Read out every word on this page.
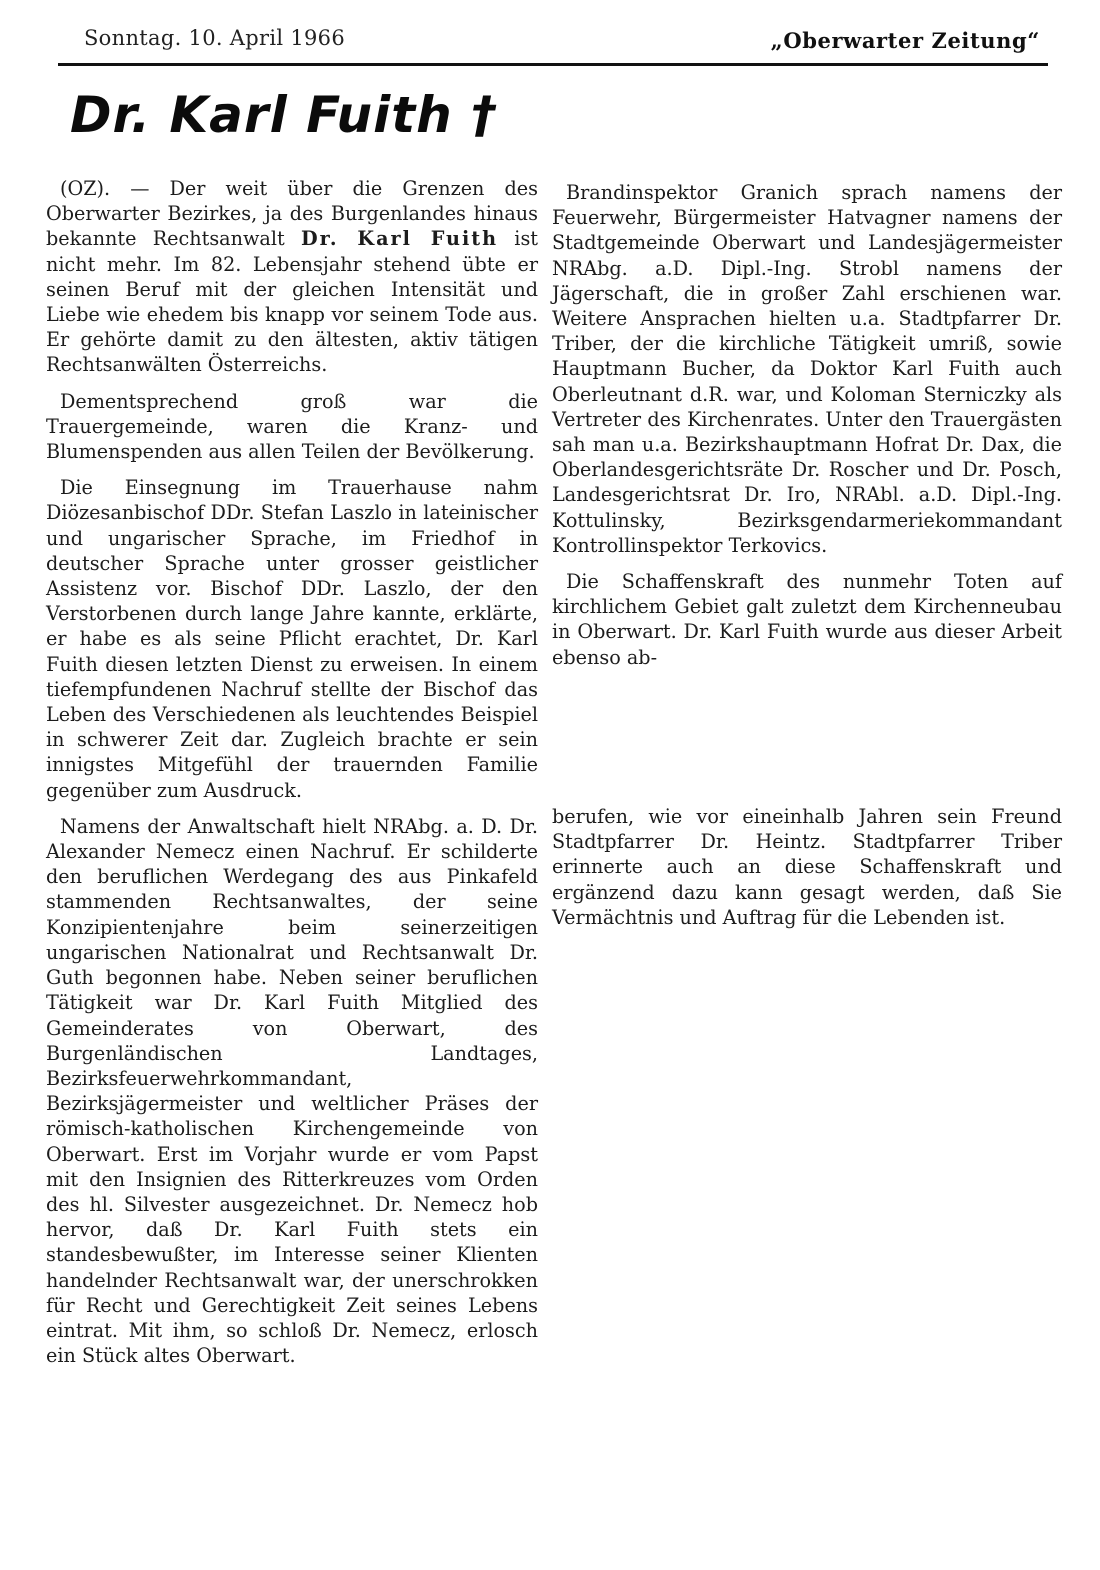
Sonntag. 10. April 1966	„Oberwarter Zeitung“
Dr. Karl Fuith †

(OZ). — Der weit über die Grenzen des Oberwarter Bezirkes, ja des Burgenlandes hinaus bekannte Rechtsanwalt Dr. Karl Fuith ist nicht mehr. Im 82. Lebensjahr stehend übte er seinen Beruf mit der gleichen Intensität und Liebe wie ehedem bis knapp vor seinem Tode aus. Er gehörte damit zu den ältesten, aktiv tätigen Rechtsanwälten Österreichs.

Dementsprechend groß war die Trauergemeinde, waren die Kranz- und Blumenspenden aus allen Teilen der Bevölkerung.

Die Einsegnung im Trauerhause nahm Diözesanbischof DDr. Stefan Laszlo in lateinischer und ungarischer Sprache, im Friedhof in deutscher Sprache unter grosser geistlicher Assistenz vor. Bischof DDr. Laszlo, der den Verstorbenen durch lange Jahre kannte, erklärte, er habe es als seine Pflicht erachtet, Dr. Karl Fuith diesen letzten Dienst zu erweisen. In einem tiefempfundenen Nachruf stellte der Bischof das Leben des Verschiedenen als leuchtendes Beispiel in schwerer Zeit dar. Zugleich brachte er sein innigstes Mitgefühl der trauernden Familie gegenüber zum Ausdruck.

Namens der Anwaltschaft hielt NRAbg. a. D. Dr. Alexander Nemecz einen Nachruf. Er schilderte den beruflichen Werdegang des aus Pinkafeld stammenden Rechtsanwaltes, der seine Konzipientenjahre beim seinerzeitigen ungarischen Nationalrat und Rechtsanwalt Dr. Guth begonnen habe. Neben seiner beruflichen Tätigkeit war Dr. Karl Fuith Mitglied des Gemeinderates von Oberwart, des Burgenländischen Landtages, Bezirksfeuerwehrkommandant, Bezirksjägermeister und weltlicher Präses der römisch-katholischen Kirchengemeinde von Oberwart. Erst im Vorjahr wurde er vom Papst mit den Insignien des Ritterkreuzes vom Orden des hl. Silvester ausgezeichnet. Dr. Nemecz hob hervor, daß Dr. Karl Fuith stets ein standesbewußter, im Interesse seiner Klienten handelnder Rechtsanwalt war, der unerschrokken für Recht und Gerechtigkeit Zeit seines Lebens eintrat. Mit ihm, so schloß Dr. Nemecz, erlosch ein Stück altes Oberwart.

Brandinspektor Granich sprach namens der Feuerwehr, Bürgermeister Hatvagner namens der Stadtgemeinde Oberwart und Landesjägermeister NRAbg. a.D. Dipl.-Ing. Strobl namens der Jägerschaft, die in großer Zahl erschienen war. Weitere Ansprachen hielten u.a. Stadtpfarrer Dr. Triber, der die kirchliche Tätigkeit umriß, sowie Hauptmann Bucher, da Doktor Karl Fuith auch Oberleutnant d.R. war, und Koloman Sterniczky als Vertreter des Kirchenrates. Unter den Trauergästen sah man u.a. Bezirkshauptmann Hofrat Dr. Dax, die Oberlandesgerichtsräte Dr. Roscher und Dr. Posch, Landesgerichtsrat Dr. Iro, NRAbl. a.D. Dipl.-Ing. Kottulinsky, Bezirksgendarmeriekommandant Kontrollinspektor Terkovics.

Die Schaffenskraft des nunmehr Toten auf kirchlichem Gebiet galt zuletzt dem Kirchenneubau in Oberwart. Dr. Karl Fuith wurde aus dieser Arbeit ebenso ab-

berufen, wie vor eineinhalb Jahren sein Freund Stadtpfarrer Dr. Heintz. Stadtpfarrer Triber erinnerte auch an diese Schaffenskraft und ergänzend dazu kann gesagt werden, daß Sie Vermächtnis und Auftrag für die Lebenden ist.
